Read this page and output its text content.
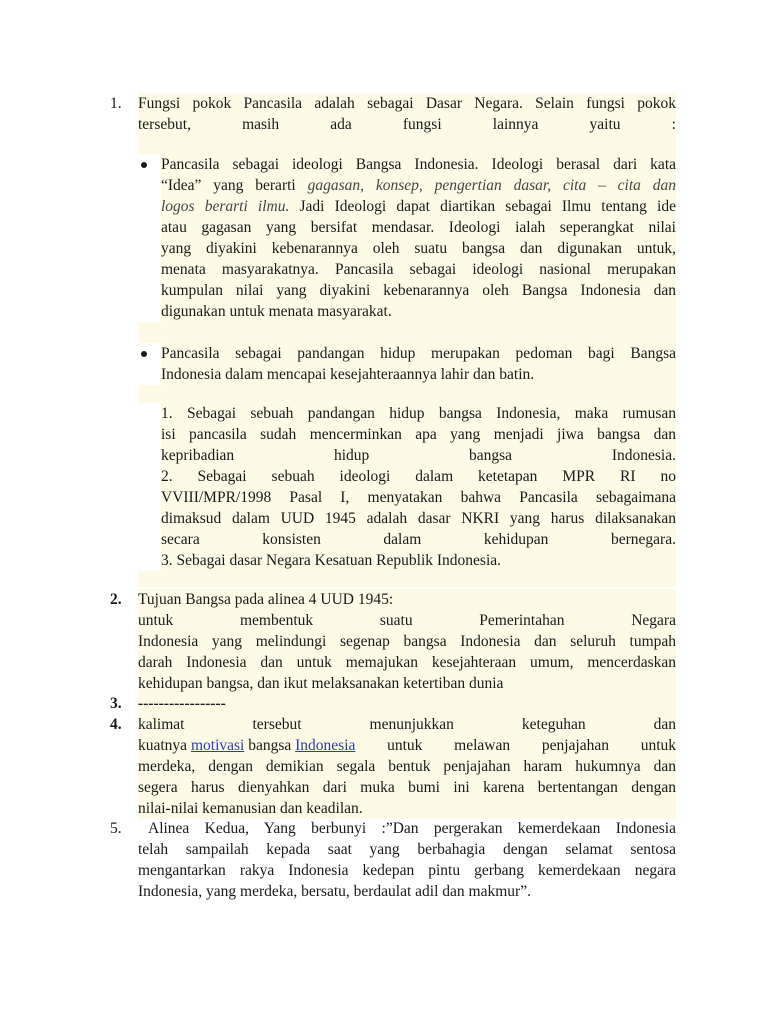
1.	Fungsi pokok Pancasila adalah sebagai Dasar Negara. Selain fungsi pokok
tersebut, masih ada fungsi lainnya yaitu :
Pancasila sebagai ideologi Bangsa Indonesia. Ideologi berasal dari kata
“Idea” yang berarti gagasan, konsep, pengertian dasar, cita – cita dan
logos berarti ilmu. Jadi Ideologi dapat diartikan sebagai Ilmu tentang ide
atau gagasan yang bersifat mendasar. Ideologi ialah seperangkat nilai
yang diyakini kebenarannya oleh suatu bangsa dan digunakan untuk,
menata masyarakatnya. Pancasila sebagai ideologi nasional merupakan
kumpulan nilai yang diyakini kebenarannya oleh Bangsa Indonesia dan
digunakan untuk menata masyarakat.
Pancasila sebagai pandangan hidup merupakan pedoman bagi Bangsa
Indonesia dalam mencapai kesejahteraannya lahir dan batin.
1. Sebagai sebuah pandangan hidup bangsa Indonesia, maka rumusan
isi pancasila sudah mencerminkan apa yang menjadi jiwa bangsa dan
kepribadian	hidup	bangsa	Indonesia.
2. Sebagai sebuah ideologi dalam ketetapan MPR RI no
VVIII/MPR/1998 Pasal I, menyatakan bahwa Pancasila sebagaimana
dimaksud dalam UUD 1945 adalah dasar NKRI yang harus dilaksanakan
secara	konsisten	dalam	kehidupan	bernegara.
3. Sebagai dasar Negara Kesatuan Republik Indonesia.
2.	Tujuan Bangsa pada alinea 4 UUD 1945:
untuk	membentuk	suatu	Pemerintahan	Negara
Indonesia yang melindungi segenap bangsa Indonesia dan seluruh tumpah
darah Indonesia dan untuk memajukan kesejahteraan umum, mencerdaskan
kehidupan bangsa, dan ikut melaksanakan ketertiban dunia
3.	-----------------
4.	kalimat	tersebut	menunjukkan	keteguhan	dan
kuatnya motivasi bangsa Indonesia untuk melawan penjajahan untuk
merdeka, dengan demikian segala bentuk penjajahan haram hukumnya dan
segera harus dienyahkan dari muka bumi ini karena bertentangan dengan
nilai-nilai kemanusian dan keadilan.
5.	Alinea Kedua, Yang berbunyi :”Dan pergerakan kemerdekaan Indonesia
telah sampailah kepada saat yang berbahagia dengan selamat sentosa
mengantarkan rakya Indonesia kedepan pintu gerbang kemerdekaan negara
Indonesia, yang merdeka, bersatu, berdaulat adil dan makmur”.
